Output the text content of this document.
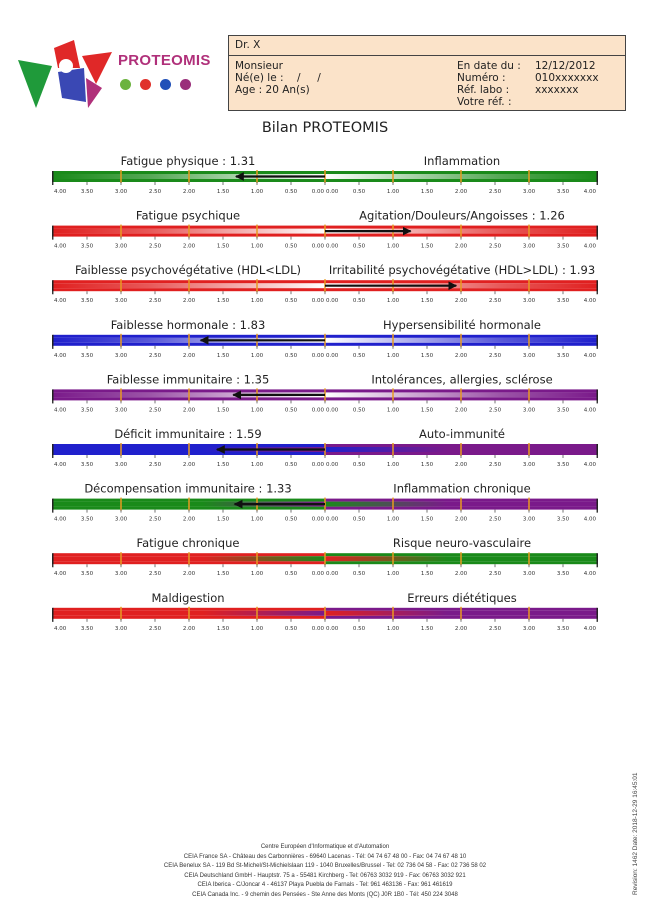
PROTEOMIS
Dr. X
Monsieur
Né(e) le : /     /
Age : 20 An(s)
En date du : 12/12/2012
Numéro :	010xxxxxxx
Réf. labo : xxxxxxx
Votre réf. :
Bilan PROTEOMIS
Fatigue physique : 1.31	Inflammation
4.00	3.50	3.00	2.50	2.00	1.50	1.00	0.50	0.00 0.00	0.50	1.00	1.50	2.00	2.50	3.00	3.50	4.00
Fatigue psychique	Agitation/Douleurs/Angoisses : 1.26
4.00	3.50	3.00	2.50	2.00	1.50	1.00	0.50	0.00 0.00	0.50	1.00	1.50	2.00	2.50	3.00	3.50	4.00
Faiblesse psychovégétative (HDL<LDL) Irritabilité psychovégétative (HDL>LDL) : 1.93
4.00	3.50	3.00	2.50	2.00	1.50	1.00	0.50	0.00 0.00	0.50	1.00	1.50	2.00	2.50	3.00	3.50	4.00
Faiblesse hormonale : 1.83	Hypersensibilité hormonale
4.00	3.50	3.00	2.50	2.00	1.50	1.00	0.50	0.00 0.00	0.50	1.00	1.50	2.00	2.50	3.00	3.50	4.00
Faiblesse immunitaire : 1.35	Intolérances, allergies, sclérose
4.00	3.50	3.00	2.50	2.00	1.50	1.00	0.50	0.00 0.00	0.50	1.00	1.50	2.00	2.50	3.00	3.50	4.00
Déficit immunitaire : 1.59	Auto-immunité
4.00	3.50	3.00	2.50	2.00	1.50	1.00	0.50	0.00 0.00	0.50	1.00	1.50	2.00	2.50	3.00	3.50	4.00
Décompensation immunitaire : 1.33	Inflammation chronique
4.00	3.50	3.00	2.50	2.00	1.50	1.00	0.50	0.00 0.00	0.50	1.00	1.50	2.00	2.50	3.00	3.50	4.00
Fatigue chronique	Risque neuro-vasculaire
4.00	3.50	3.00	2.50	2.00	1.50	1.00	0.50	0.00 0.00	0.50	1.00	1.50	2.00	2.50	3.00	3.50	4.00
Maldigestion	Erreurs diététiques
4.00	3.50	3.00	2.50	2.00	1.50	1.00	0.50	0.00 0.00	0.50	1.00	1.50	2.00	2.50	3.00	3.50	4.00
Centre Européen d'Informatique et d'Automation
CEIA France SA - Château des Carbonnières - 69640 Lacenas - Tél: 04 74 67 48 00 - Fax: 04 74 67 48 10
CEIA Benelux SA - 119 Bd St-Michel/St-Michielslaan 119 - 1040 Bruxelles/Brussel - Tel: 02 736 04 58 - Fax: 02 736 58 02
CEIA Deutschland GmbH - Hauptstr. 75 a - 55481 Kirchberg - Tel: 06763 3032 919 - Fax: 06763 3032 921
CEIA Iberica - C/Joncar 4 - 46137 Playa Puebla de Farnals - Tel: 961 463136 - Fax: 961 461619
CEIA Canada Inc. - 9 chemin des Pensées - Ste Anne des Monts (QC) J0R 1B0 - Tél: 450 224 3048	Revision: 1462 Date: 2018-12-29 16:45:01
